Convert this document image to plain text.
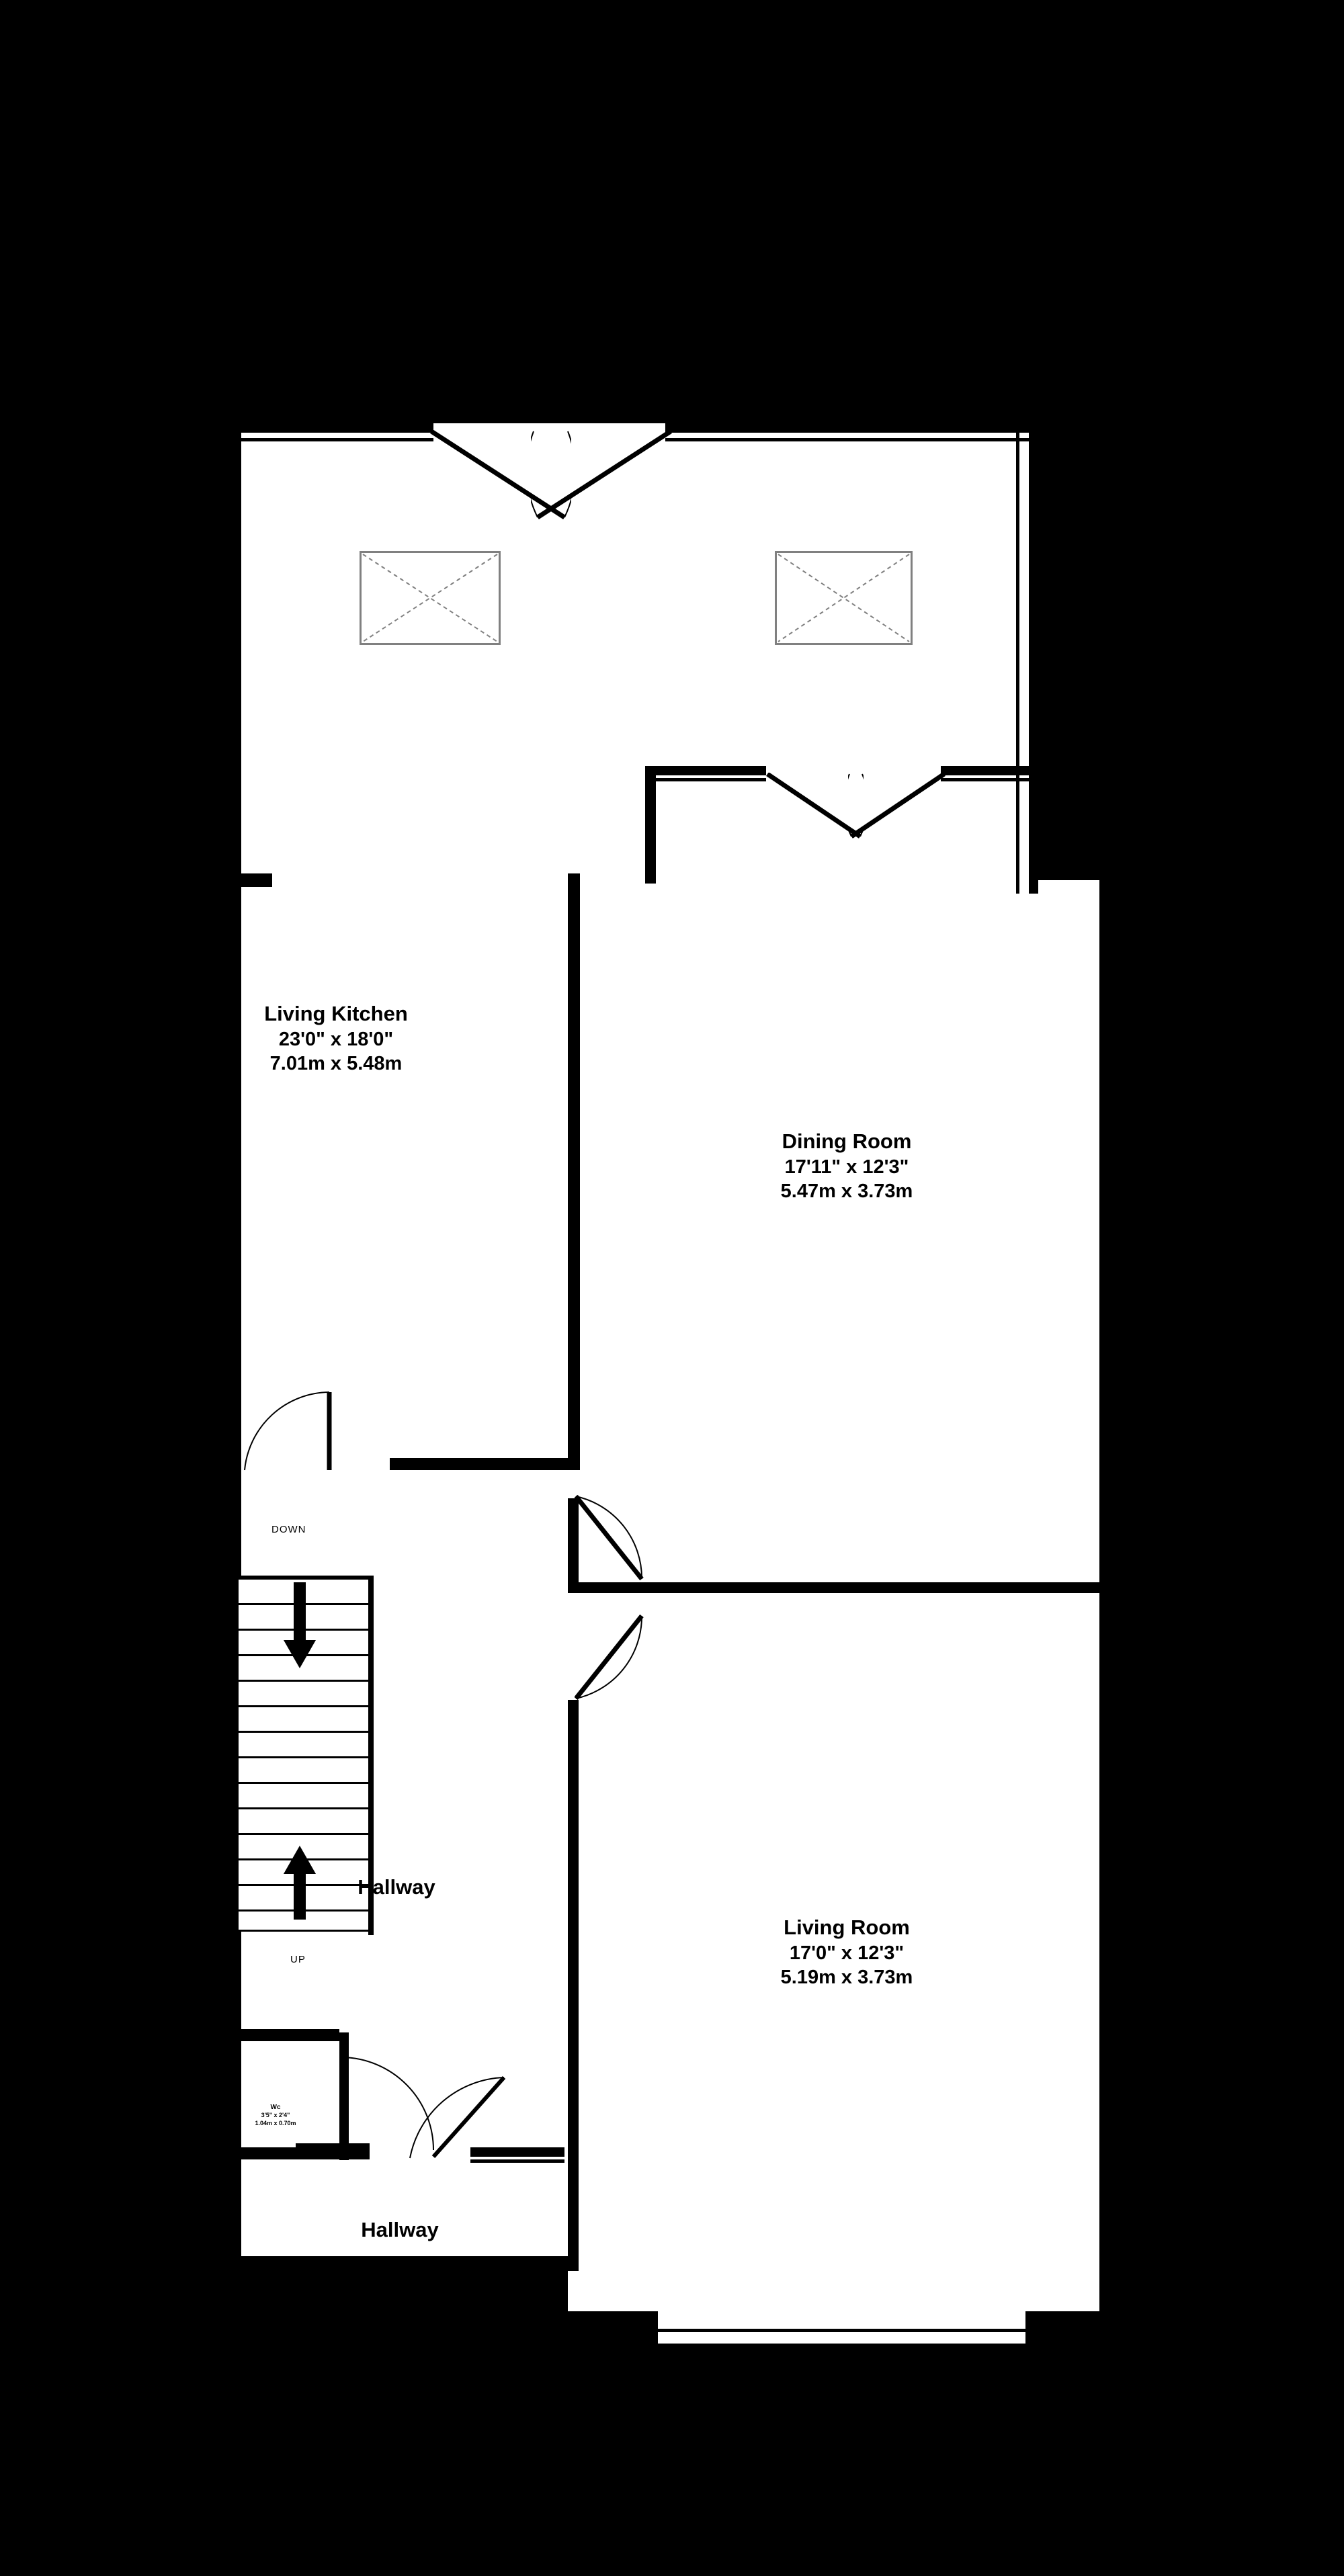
DOWN
UP
Living Kitchen
23'0" x 18'0"
7.01m x 5.48m
Dining Room
17'11" x 12'3"
5.47m x 3.73m
Living Room
17'0" x 12'3"
5.19m x 3.73m
Hallway
Hallway
Wc
3'5" x 2'4"
1.04m x 0.70m
